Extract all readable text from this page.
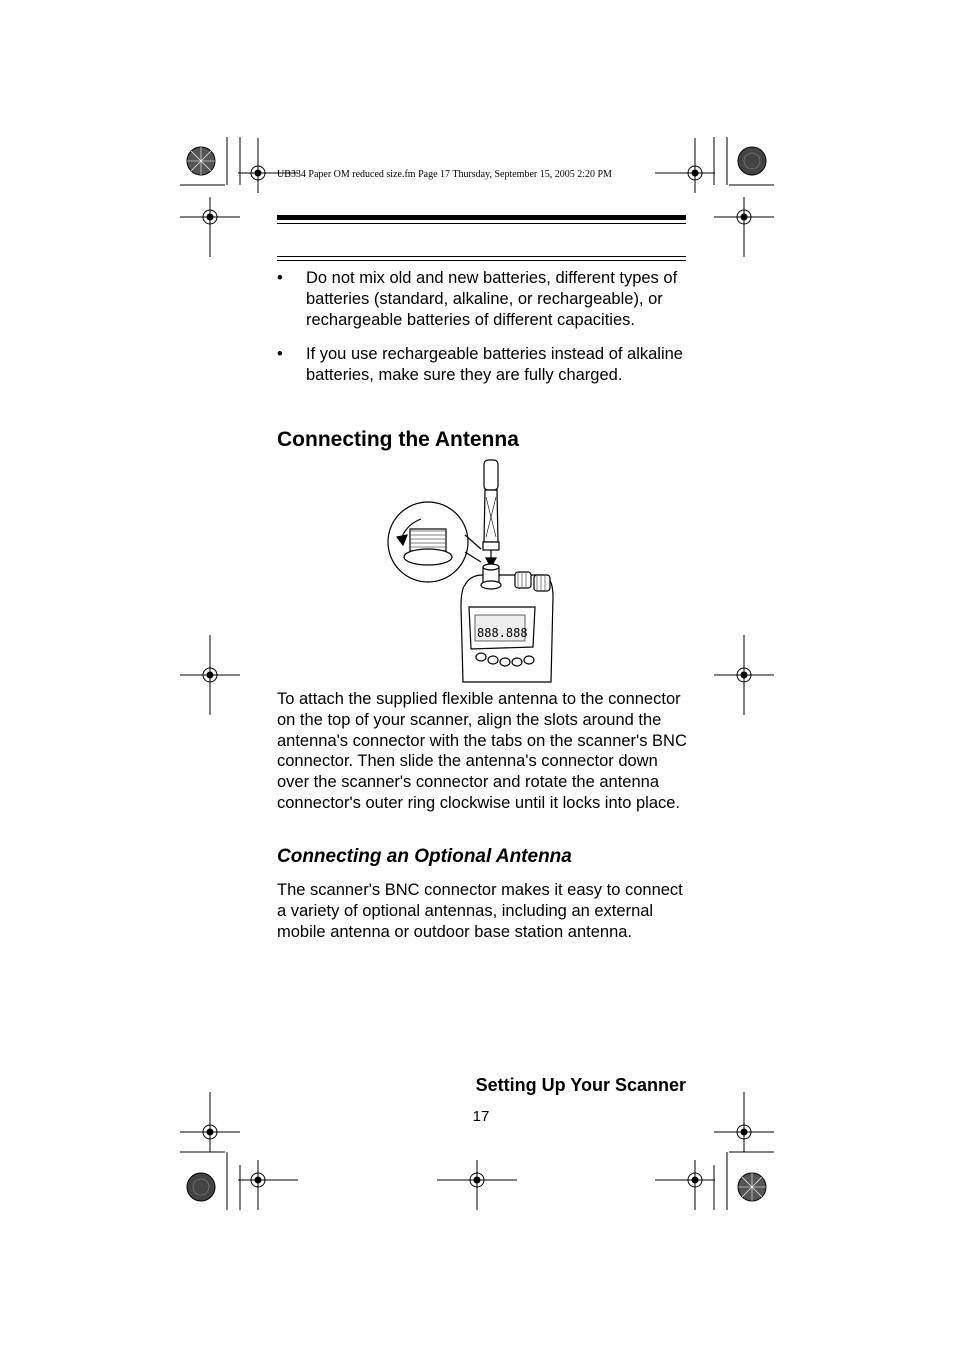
UB334 Paper OM reduced size.fm Page 17 Thursday, September 15, 2005 2:20 PM
•	Do not mix old and new batteries, different types of batteries (standard, alkaline, or rechargeable), or rechargeable batteries of different capacities.
•	If you use rechargeable batteries instead of alkaline batteries, make sure they are fully charged.
Connecting the Antenna
888.888
To attach the supplied flexible antenna to the connector on the top of your scanner, align the slots around the antenna's connector with the tabs on the scanner's BNC connector. Then slide the antenna's connector down over the scanner's connector and rotate the antenna connector's outer ring clockwise until it locks into place.
Connecting an Optional Antenna
The scanner's BNC connector makes it easy to connect a variety of optional antennas, including an external mobile antenna or outdoor base station antenna.
Setting Up Your Scanner
17
